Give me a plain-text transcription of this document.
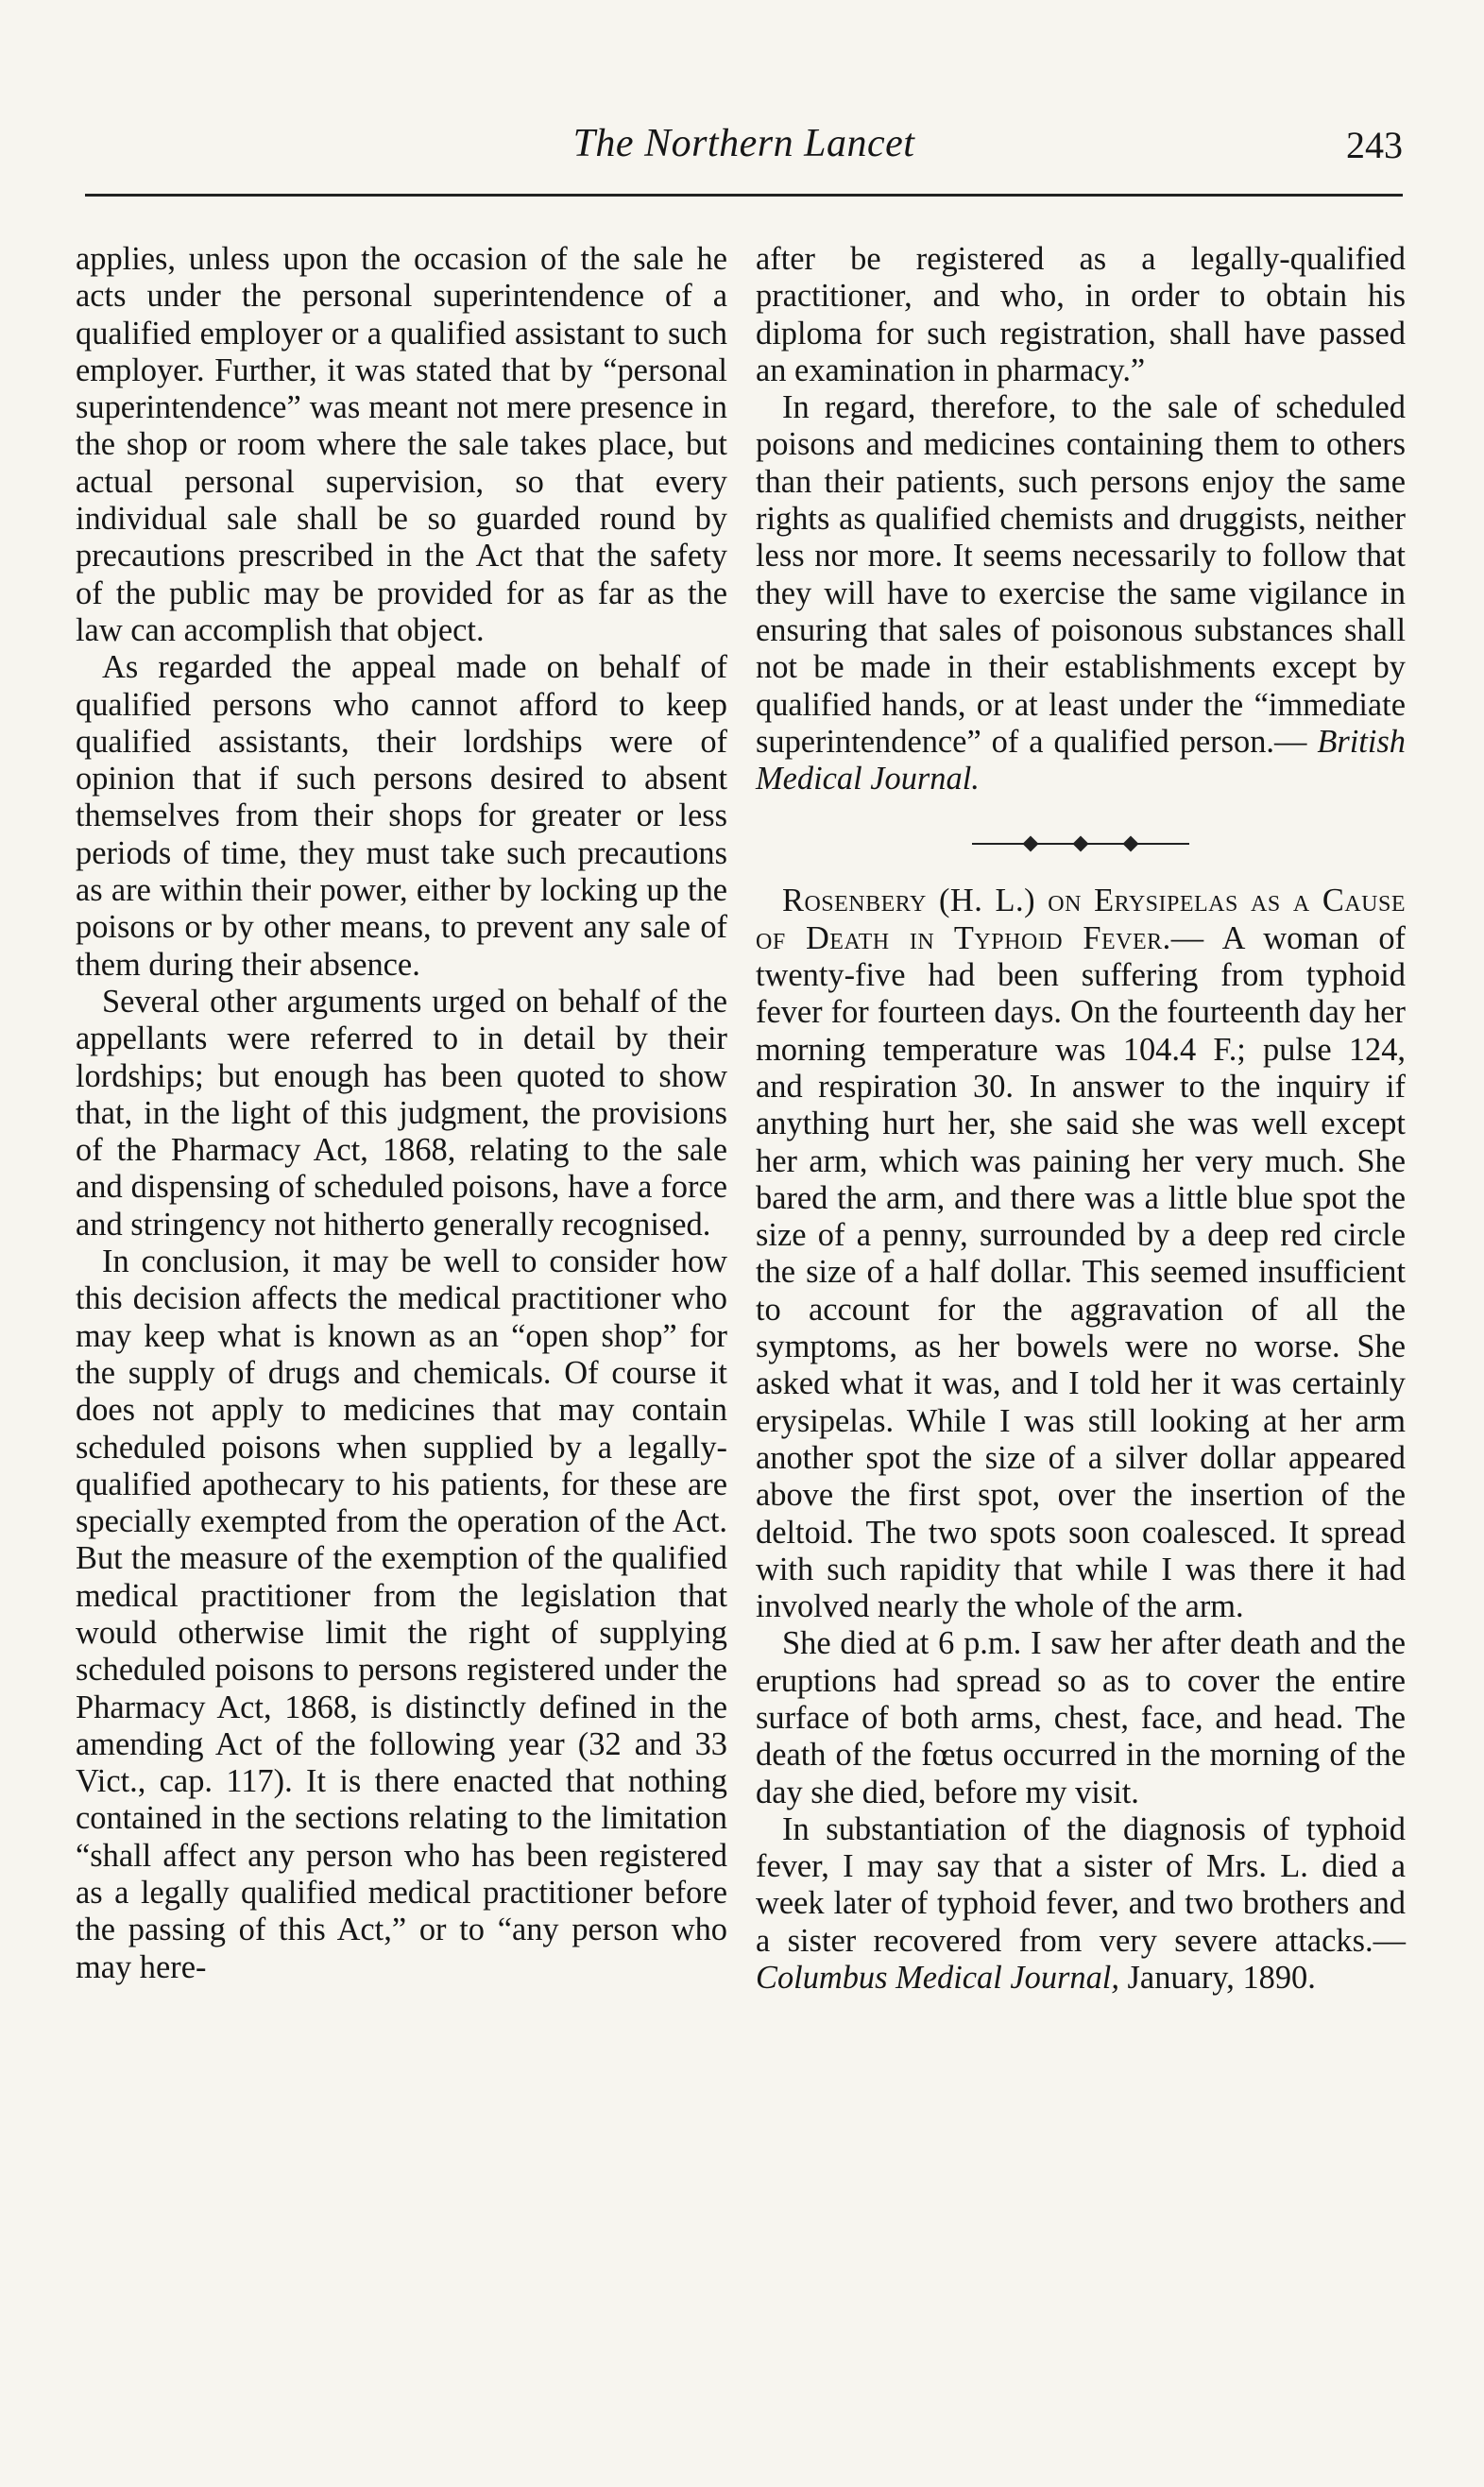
The Northern Lancet	243

applies, unless upon the occasion of the sale he acts under the personal superintendence of a qualified employer or a qualified assistant to such employer. Further, it was stated that by “personal superintendence” was meant not mere presence in the shop or room where the sale takes place, but actual personal supervision, so that every individual sale shall be so guarded round by precautions prescribed in the Act that the safety of the public may be provided for as far as the law can accomplish that object.

As regarded the appeal made on behalf of qualified persons who cannot afford to keep qualified assistants, their lordships were of opinion that if such persons desired to absent themselves from their shops for greater or less periods of time, they must take such precautions as are within their power, either by locking up the poisons or by other means, to prevent any sale of them during their absence.

Several other arguments urged on behalf of the appellants were referred to in detail by their lordships; but enough has been quoted to show that, in the light of this judgment, the provisions of the Pharmacy Act, 1868, relating to the sale and dispensing of scheduled poisons, have a force and stringency not hitherto generally recognised.

In conclusion, it may be well to consider how this decision affects the medical practitioner who may keep what is known as an “open shop” for the supply of drugs and chemicals. Of course it does not apply to medicines that may contain scheduled poisons when supplied by a legally-qualified apothecary to his patients, for these are specially exempted from the operation of the Act. But the measure of the exemption of the qualified medical practitioner from the legislation that would otherwise limit the right of supplying scheduled poisons to persons registered under the Pharmacy Act, 1868, is distinctly defined in the amending Act of the following year (32 and 33 Vict., cap. 117). It is there enacted that nothing contained in the sections relating to the limitation “shall affect any person who has been registered as a legally qualified medical practitioner before the passing of this Act,” or to “any person who may here-

after be registered as a legally-qualified practitioner, and who, in order to obtain his diploma for such registration, shall have passed an examination in pharmacy.”

In regard, therefore, to the sale of scheduled poisons and medicines containing them to others than their patients, such persons enjoy the same rights as qualified chemists and druggists, neither less nor more. It seems necessarily to follow that they will have to exercise the same vigilance in ensuring that sales of poisonous substances shall not be made in their establishments except by qualified hands, or at least under the “immediate superintendence” of a qualified person.— British Medical Journal.

Rosenbery (H. L.) on Erysipelas as a Cause of Death in Typhoid Fever.— A woman of twenty-five had been suffering from typhoid fever for fourteen days. On the fourteenth day her morning temperature was 104.4 F.; pulse 124, and respiration 30. In answer to the inquiry if anything hurt her, she said she was well except her arm, which was paining her very much. She bared the arm, and there was a little blue spot the size of a penny, surrounded by a deep red circle the size of a half dollar. This seemed insufficient to account for the aggravation of all the symptoms, as her bowels were no worse. She asked what it was, and I told her it was certainly erysipelas. While I was still looking at her arm another spot the size of a silver dollar appeared above the first spot, over the insertion of the deltoid. The two spots soon coalesced. It spread with such rapidity that while I was there it had involved nearly the whole of the arm.

She died at 6 p.m. I saw her after death and the eruptions had spread so as to cover the entire surface of both arms, chest, face, and head. The death of the fœtus occurred in the morning of the day she died, before my visit.

In substantiation of the diagnosis of typhoid fever, I may say that a sister of Mrs. L. died a week later of typhoid fever, and two brothers and a sister recovered from very severe attacks.—Columbus Medical Journal, January, 1890.
